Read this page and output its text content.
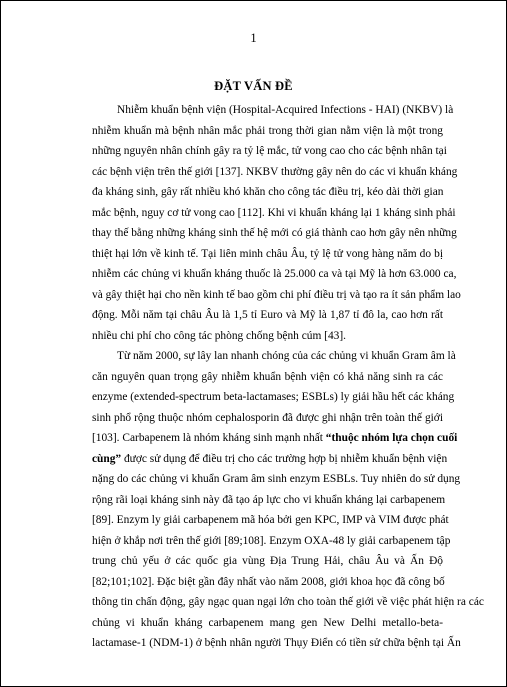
1
ĐẶT VẤN ĐỀ
Nhiễm khuẩn bệnh viện (Hospital-Acquired Infections - HAI) (NKBV) là
nhiễm khuẩn mà bệnh nhân mắc phải trong thời gian nằm viện là một trong
những nguyên nhân chính gây ra tỷ lệ mắc, tử vong cao cho các bệnh nhân tại
các bệnh viện trên thế giới [137]. NKBV thường gây nên do các vi khuẩn kháng
đa kháng sinh, gây rất nhiều khó khăn cho công tác điều trị, kéo dài thời gian
mắc bệnh, nguy cơ tử vong cao [112]. Khi vi khuẩn kháng lại 1 kháng sinh phải
thay thế bằng những kháng sinh thế hệ mới có giá thành cao hơn gây nên những
thiệt hại lớn về kinh tế. Tại liên minh châu Âu, tỷ lệ tử vong hàng năm do bị
nhiễm các chủng vi khuẩn kháng thuốc là 25.000 ca và tại Mỹ là hơn 63.000 ca,
và gây thiệt hại cho nền kinh tế bao gồm chi phí điều trị và tạo ra ít sản phẩm lao
động. Mỗi năm tại châu Âu là 1,5 tỉ Euro và Mỹ là 1,87 tỉ đô la, cao hơn rất
nhiều chi phí cho công tác phòng chống bệnh cúm [43].
Từ năm 2000, sự lây lan nhanh chóng của các chủng vi khuẩn Gram âm là
căn nguyên quan trọng gây nhiễm khuẩn bệnh viện có khả năng sinh ra các
enzyme (extended-spectrum beta-lactamases; ESBLs) ly giải hầu hết các kháng
sinh phổ rộng thuộc nhóm cephalosporin đã được ghi nhận trên toàn thế giới
[103]. Carbapenem là nhóm kháng sinh mạnh nhất “thuộc nhóm lựa chọn cuối
cùng” được sử dụng để điều trị cho các trường hợp bị nhiễm khuẩn bệnh viện
nặng do các chủng vi khuẩn Gram âm sinh enzym ESBLs. Tuy nhiên do sử dụng
rộng rãi loại kháng sinh này đã tạo áp lực cho vi khuẩn kháng lại carbapenem
[89]. Enzym ly giải carbapenem mã hóa bởi gen KPC, IMP và VIM được phát
hiện ở khắp nơi trên thế giới [89;108]. Enzym OXA-48 ly giải carbapenem tập
trung chủ yếu ở các quốc gia vùng Địa Trung Hải, châu Âu và Ấn Độ
[82;101;102]. Đặc biệt gần đây nhất vào năm 2008, giới khoa học đã công bố
thông tin chấn động, gây ngạc quan ngại lớn cho toàn thế giới về việc phát hiện ra các
chủng vi khuẩn kháng carbapenem mang gen New Delhi metallo-beta-
lactamase-1 (NDM-1) ở bệnh nhân người Thụy Điển có tiền sử chữa bệnh tại Ấn
